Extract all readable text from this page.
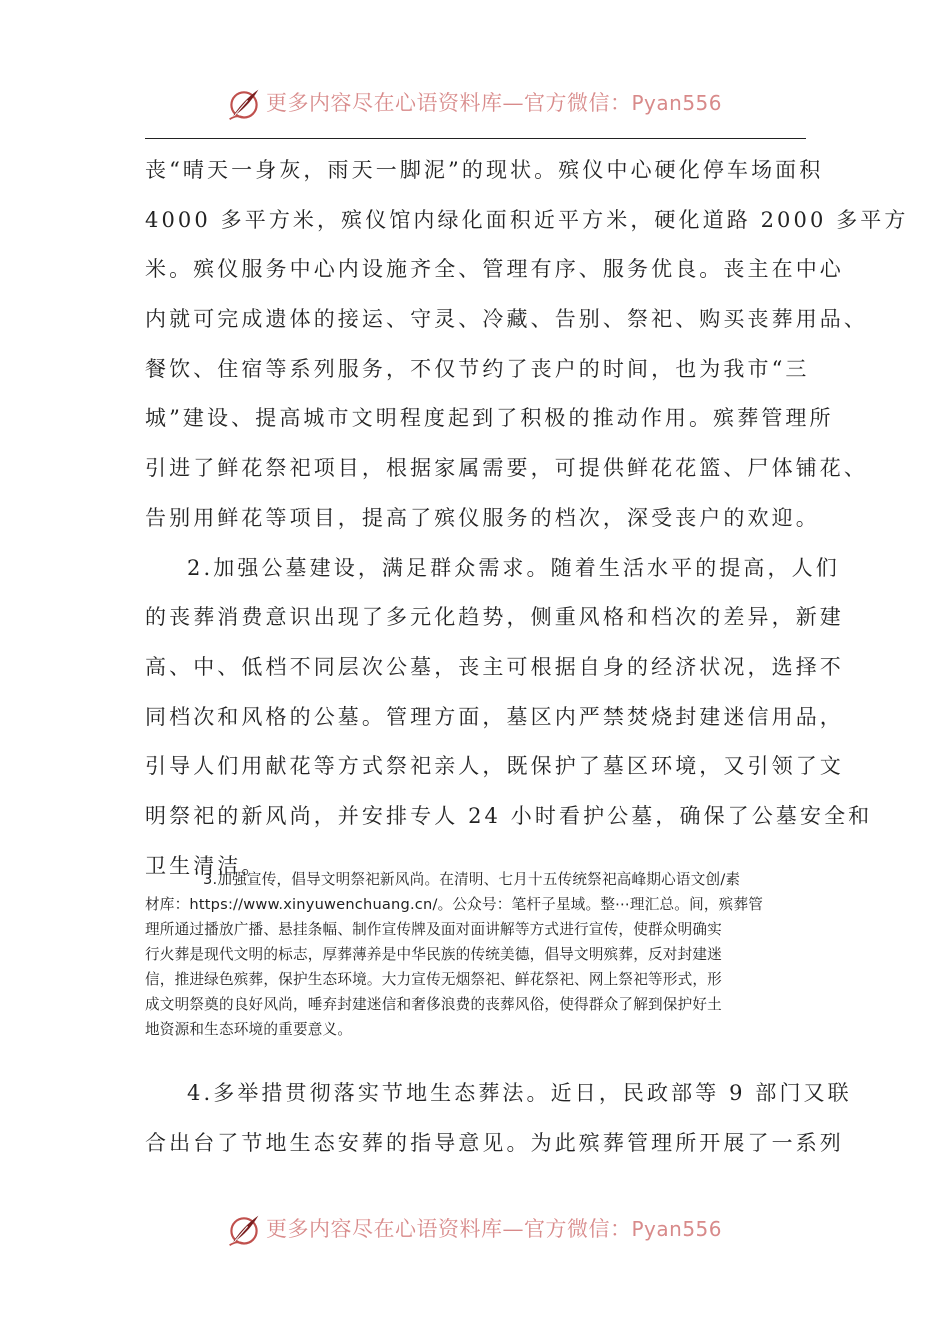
更多内容尽在心语资料库—官方微信：Pyan556
丧“晴天一身灰，雨天一脚泥”的现状。殡仪中心硬化停车场面积
4000 多平方米，殡仪馆内绿化面积近平方米，硬化道路 2000 多平方
米。殡仪服务中心内设施齐全、管理有序、服务优良。丧主在中心
内就可完成遗体的接运、守灵、冷藏、告别、祭祀、购买丧葬用品、
餐饮、住宿等系列服务，不仅节约了丧户的时间，也为我市“三
城”建设、提高城市文明程度起到了积极的推动作用。殡葬管理所
引进了鲜花祭祀项目，根据家属需要，可提供鲜花花篮、尸体铺花、
告别用鲜花等项目，提高了殡仪服务的档次，深受丧户的欢迎。
2.加强公墓建设，满足群众需求。随着生活水平的提高，人们
的丧葬消费意识出现了多元化趋势，侧重风格和档次的差异，新建
高、中、低档不同层次公墓，丧主可根据自身的经济状况，选择不
同档次和风格的公墓。管理方面，墓区内严禁焚烧封建迷信用品，
引导人们用献花等方式祭祀亲人，既保护了墓区环境，又引领了文
明祭祀的新风尚，并安排专人 24 小时看护公墓，确保了公墓安全和
卫生清洁。
3.加强宣传，倡导文明祭祀新风尚。在清明、七月十五传统祭祀高峰期心语文创/素
材库：https://www.xinyuwenchuang.cn/。公众号：笔杆子星域。整⋯理汇总。间，殡葬管
理所通过播放广播、悬挂条幅、制作宣传牌及面对面讲解等方式进行宣传，使群众明确实
行火葬是现代文明的标志，厚葬薄养是中华民族的传统美德，倡导文明殡葬，反对封建迷
信，推进绿色殡葬，保护生态环境。大力宣传无烟祭祀、鲜花祭祀、网上祭祀等形式，形
成文明祭奠的良好风尚，唾弃封建迷信和奢侈浪费的丧葬风俗，使得群众了解到保护好土
地资源和生态环境的重要意义。
4.多举措贯彻落实节地生态葬法。近日，民政部等 9 部门又联
合出台了节地生态安葬的指导意见。为此殡葬管理所开展了一系列
更多内容尽在心语资料库—官方微信：Pyan556
